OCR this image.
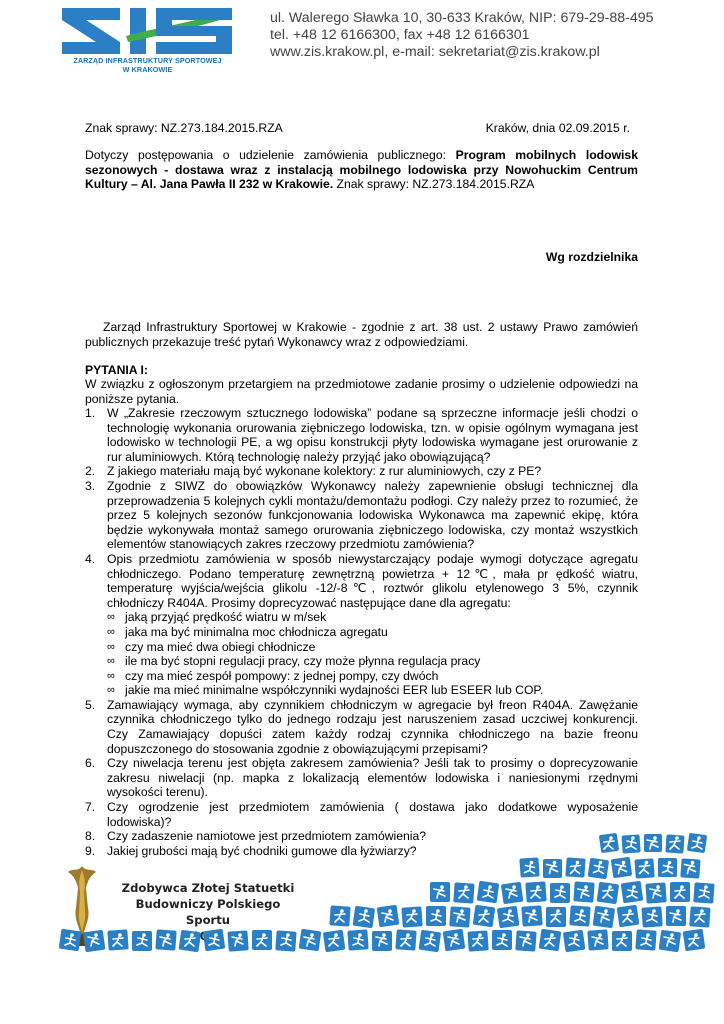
ZARZĄD INFRASTRUKTURY SPORTOWEJ
W KRAKOWIE
ul. Walerego Sławka 10, 30-633 Kraków, NIP: 679-29-88-495
tel. +48 12 6166300, fax +48 12 6166301
www.zis.krakow.pl, e-mail: sekretariat@zis.krakow.pl
Znak sprawy: NZ.273.184.2015.RZA	Kraków, dnia 02.09.2015 r.
Dotyczy postępowania o udzielenie zamówienia publicznego: Program mobilnych lodowisk sezonowych - dostawa wraz z instalacją mobilnego lodowiska przy Nowohuckim Centrum Kultury – Al. Jana Pawła II 232 w Krakowie. Znak sprawy: NZ.273.184.2015.RZA
Wg rozdzielnika
Zarząd Infrastruktury Sportowej w Krakowie - zgodnie z art. 38 ust. 2 ustawy Prawo zamówień publicznych przekazuje treść pytań Wykonawcy wraz z odpowiedziami.
PYTANIA I:
W związku z ogłoszonym przetargiem na przedmiotowe zadanie prosimy o udzielenie odpowiedzi na poniższe pytania.
1. W „Zakresie rzeczowym sztucznego lodowiska” podane są sprzeczne informacje jeśli chodzi o technologię wykonania orurowania ziębniczego lodowiska, tzn. w opisie ogólnym wymagana jest lodowisko w technologii PE, a wg opisu konstrukcji płyty lodowiska wymagane jest orurowanie z rur aluminiowych. Którą technologię należy przyjąć jako obowiązującą?
2. Z jakiego materiału mają być wykonane kolektory: z rur aluminiowych, czy z PE?
3. Zgodnie z SIWZ do obowiązków Wykonawcy należy zapewnienie obsługi technicznej dla przeprowadzenia 5 kolejnych cykli montażu/demontażu podłogi. Czy należy przez to rozumieć, że przez 5 kolejnych sezonów funkcjonowania lodowiska Wykonawca ma zapewnić ekipę, która będzie wykonywała montaż samego orurowania ziębniczego lodowiska, czy montaż wszystkich elementów stanowiących zakres rzeczowy przedmiotu zamówienia?
4. Opis przedmiotu zamówienia w sposób niewystarczający podaje wymogi dotyczące agregatu chłodniczego. Podano temperaturę zewnętrzną powietrza + 12℃, mała pr ędkość wiatru, temperaturę wyjścia/wejścia glikolu -12/-8℃, roztwór glikolu etylenowego 3 5%, czynnik chłodniczy R404A. Prosimy doprecyzować następujące dane dla agregatu:
∞ jaką przyjąć prędkość wiatru w m/sek
∞ jaka ma być minimalna moc chłodnicza agregatu
∞ czy ma mieć dwa obiegi chłodnicze
∞ ile ma być stopni regulacji pracy, czy może płynna regulacja pracy
∞ czy ma mieć zespół pompowy: z jednej pompy, czy dwóch
∞ jakie ma mieć minimalne współczynniki wydajności EER lub ESEER lub COP.
5. Zamawiający wymaga, aby czynnikiem chłodniczym w agregacie był freon R404A. Zawężanie czynnika chłodniczego tylko do jednego rodzaju jest naruszeniem zasad uczciwej konkurencji. Czy Zamawiający dopuści zatem każdy rodzaj czynnika chłodniczego na bazie freonu dopuszczonego do stosowania zgodnie z obowiązującymi przepisami?
6. Czy niwelacja terenu jest objęta zakresem zamówienia? Jeśli tak to prosimy o doprecyzowanie zakresu niwelacji (np. mapka z lokalizacją elementów lodowiska i naniesionymi rzędnymi wysokości terenu).
7. Czy ogrodzenie jest przedmiotem zamówienia ( dostawa jako dodatkowe wyposażenie lodowiska)?
8. Czy zadaszenie namiotowe jest przedmiotem zamówienia?
9. Jakiej grubości mają być chodniki gumowe dla łyżwiarzy?
Zdobywca Złotej Statuetki
Budowniczy Polskiego Sportu
